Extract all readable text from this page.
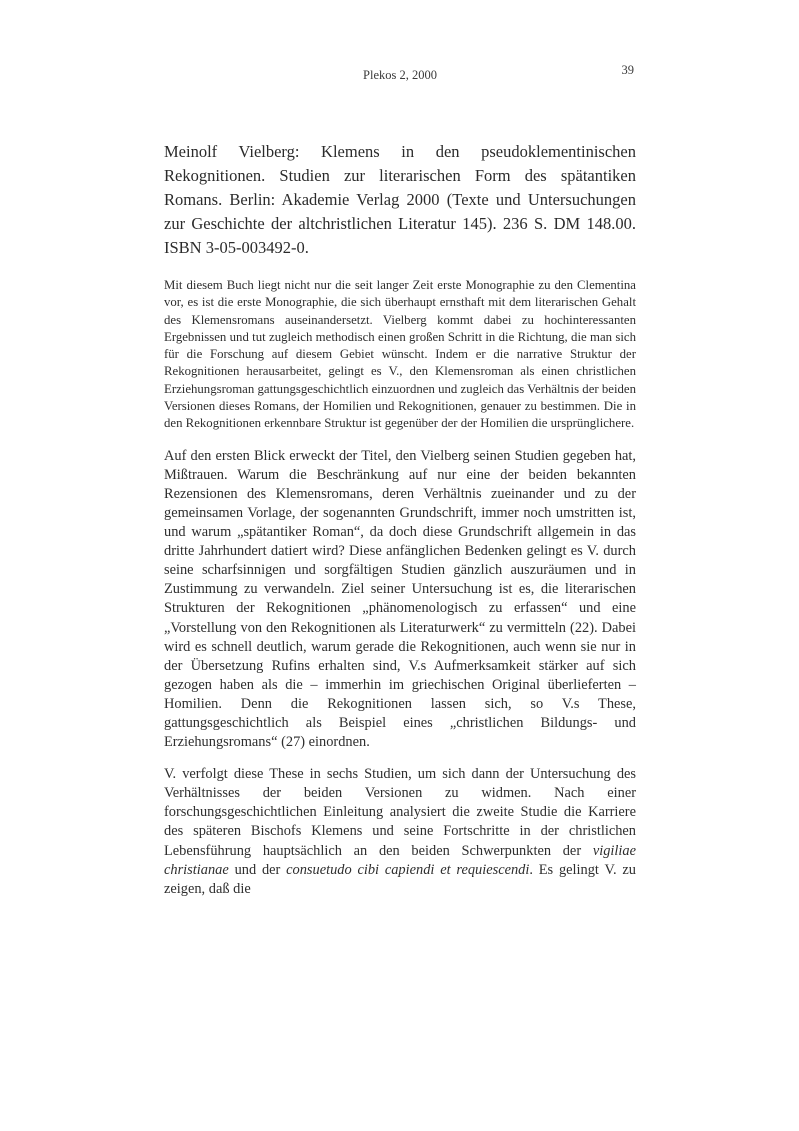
Plekos 2, 2000	39
Meinolf Vielberg: Klemens in den pseudoklementinischen Rekognitionen. Studien zur literarischen Form des spätantiken Romans. Berlin: Akademie Verlag 2000 (Texte und Untersuchungen zur Geschichte der altchristlichen Literatur 145). 236 S. DM 148.00. ISBN 3-05-003492-0.

Mit diesem Buch liegt nicht nur die seit langer Zeit erste Monographie zu den Clementina vor, es ist die erste Monographie, die sich überhaupt ernsthaft mit dem literarischen Gehalt des Klemensromans auseinandersetzt. Vielberg kommt dabei zu hochinteressanten Ergebnissen und tut zugleich methodisch einen großen Schritt in die Richtung, die man sich für die Forschung auf diesem Gebiet wünscht. Indem er die narrative Struktur der Rekognitionen herausarbeitet, gelingt es V., den Klemensroman als einen christlichen Erziehungsroman gattungsgeschichtlich einzuordnen und zugleich das Verhältnis der beiden Versionen dieses Romans, der Homilien und Rekognitionen, genauer zu bestimmen. Die in den Rekognitionen erkennbare Struktur ist gegenüber der der Homilien die ursprünglichere.

Auf den ersten Blick erweckt der Titel, den Vielberg seinen Studien gegeben hat, Mißtrauen. Warum die Beschränkung auf nur eine der beiden bekannten Rezensionen des Klemensromans, deren Verhältnis zueinander und zu der gemeinsamen Vorlage, der sogenannten Grundschrift, immer noch umstritten ist, und warum „spätantiker Roman“, da doch diese Grundschrift allgemein in das dritte Jahrhundert datiert wird? Diese anfänglichen Bedenken gelingt es V. durch seine scharfsinnigen und sorgfältigen Studien gänzlich auszuräumen und in Zustimmung zu verwandeln. Ziel seiner Untersuchung ist es, die literarischen Strukturen der Rekognitionen „phänomenologisch zu erfassen“ und eine „Vorstellung von den Rekognitionen als Literaturwerk“ zu vermitteln (22). Dabei wird es schnell deutlich, warum gerade die Rekognitionen, auch wenn sie nur in der Übersetzung Rufins erhalten sind, V.s Aufmerksamkeit stärker auf sich gezogen haben als die – immerhin im griechischen Original überlieferten – Homilien. Denn die Rekognitionen lassen sich, so V.s These, gattungsgeschichtlich als Beispiel eines „christlichen Bildungs- und Erziehungsromans“ (27) einordnen.

V. verfolgt diese These in sechs Studien, um sich dann der Untersuchung des Verhältnisses der beiden Versionen zu widmen. Nach einer forschungsgeschichtlichen Einleitung analysiert die zweite Studie die Karriere des späteren Bischofs Klemens und seine Fortschritte in der christlichen Lebensführung hauptsächlich an den beiden Schwerpunkten der vigiliae christianae und der consuetudo cibi capiendi et requiescendi. Es gelingt V. zu zeigen, daß die
